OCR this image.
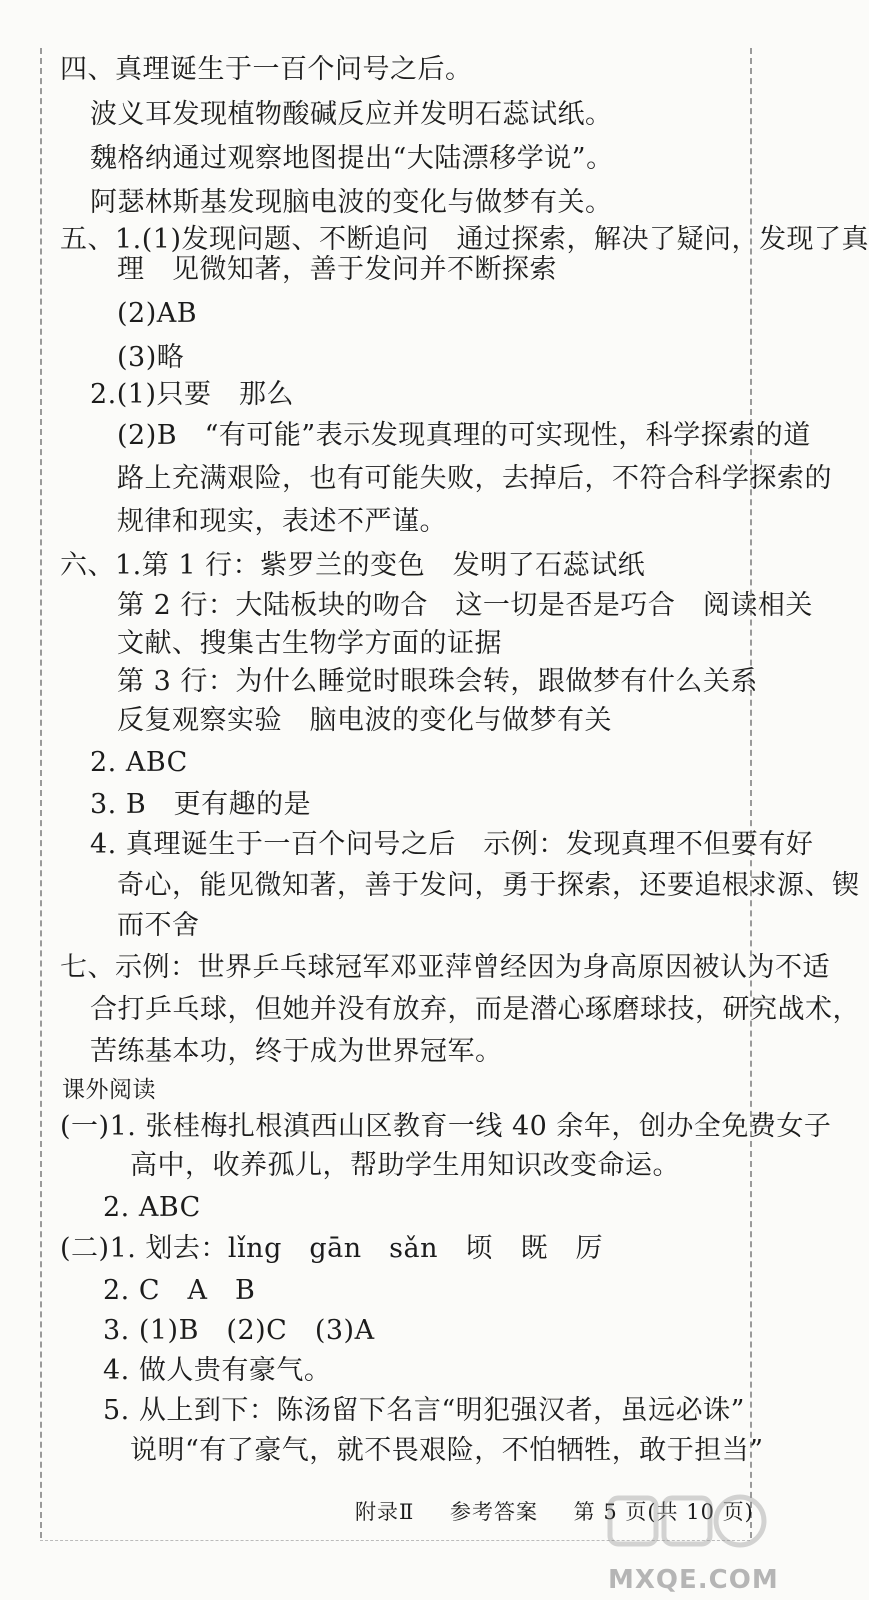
四、真理诞生于一百个问号之后。
波义耳发现植物酸碱反应并发明石蕊试纸。
魏格纳通过观察地图提出“大陆漂移学说”。
阿瑟林斯基发现脑电波的变化与做梦有关。
五、1.(1)发现问题、不断追问　通过探索，解决了疑问，发现了真
理　见微知著，善于发问并不断探索
(2)AB
(3)略
2.(1)只要　那么
(2)B　“有可能”表示发现真理的可实现性，科学探索的道
路上充满艰险，也有可能失败，去掉后，不符合科学探索的
规律和现实，表述不严谨。
六、1.第 1 行：紫罗兰的变色　发明了石蕊试纸
第 2 行：大陆板块的吻合　这一切是否是巧合　阅读相关
文献、搜集古生物学方面的证据
第 3 行：为什么睡觉时眼珠会转，跟做梦有什么关系
反复观察实验　脑电波的变化与做梦有关
2. ABC
3. B　更有趣的是
4. 真理诞生于一百个问号之后　示例：发现真理不但要有好
奇心，能见微知著，善于发问，勇于探索，还要追根求源、锲
而不舍
七、示例：世界乒乓球冠军邓亚萍曾经因为身高原因被认为不适
合打乒乓球，但她并没有放弃，而是潜心琢磨球技，研究战术，
苦练基本功，终于成为世界冠军。
课外阅读
(一)1. 张桂梅扎根滇西山区教育一线 40 余年，创办全免费女子
高中，收养孤儿，帮助学生用知识改变命运。
2. ABC
(二)1. 划去：lǐng　gān　sǎn　顷　既　厉
2. C　A　B
3. (1)B　(2)C　(3)A
4. 做人贵有豪气。
5. 从上到下：陈汤留下名言“明犯强汉者，虽远必诛”
说明“有了豪气，就不畏艰险，不怕牺牲，敢于担当”
附录Ⅱ 参考答案 第 5 页(共 10 页)
MXQE.COM
